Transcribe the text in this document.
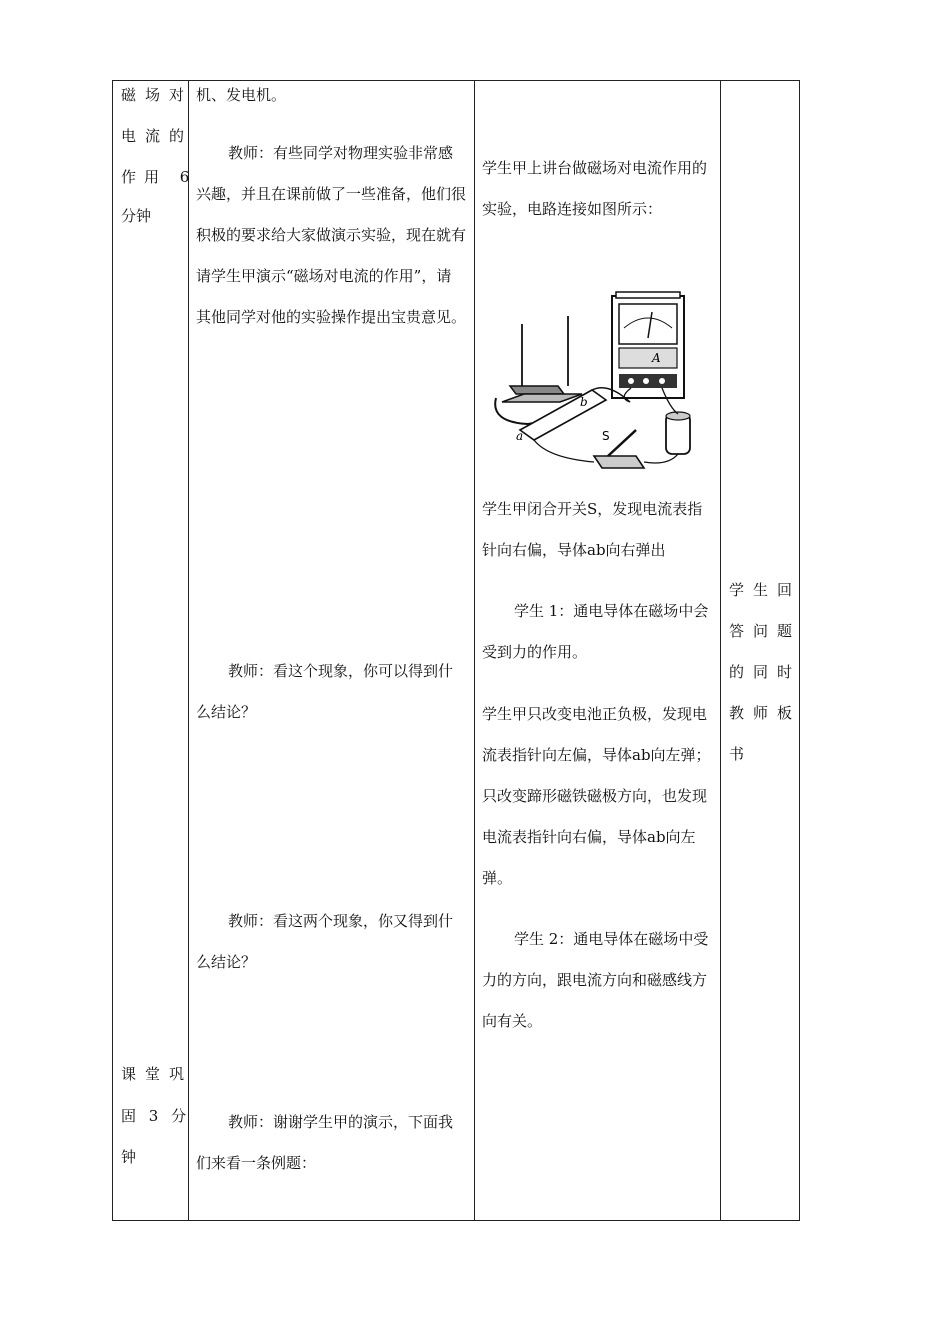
磁场对

电流的

作用 6

分钟

课堂巩

固 3 分

钟

机、发电机。

教师：有些同学对物理实验非常感兴趣，并且在课前做了一些准备，他们很积极的要求给大家做演示实验，现在就有请学生甲演示“磁场对电流的作用”，请其他同学对他的实验操作提出宝贵意见。

教师：看这个现象，你可以得到什么结论？

教师：看这两个现象，你又得到什么结论？

教师：谢谢学生甲的演示，下面我们来看一条例题：

学生甲上讲台做磁场对电流作用的实验，电路连接如图所示：

A
a
b
S

学生甲闭合开关S，发现电流表指针向右偏，导体ab向右弹出

学生 1：通电导体在磁场中会受到力的作用。

学生甲只改变电池正负极，发现电流表指针向左偏，导体ab向左弹；只改变蹄形磁铁磁极方向，也发现电流表指针向右偏，导体ab向左弹。

学生 2：通电导体在磁场中受力的方向，跟电流方向和磁感线方向有关。

学生回

答问题

的同时

教师板

书
